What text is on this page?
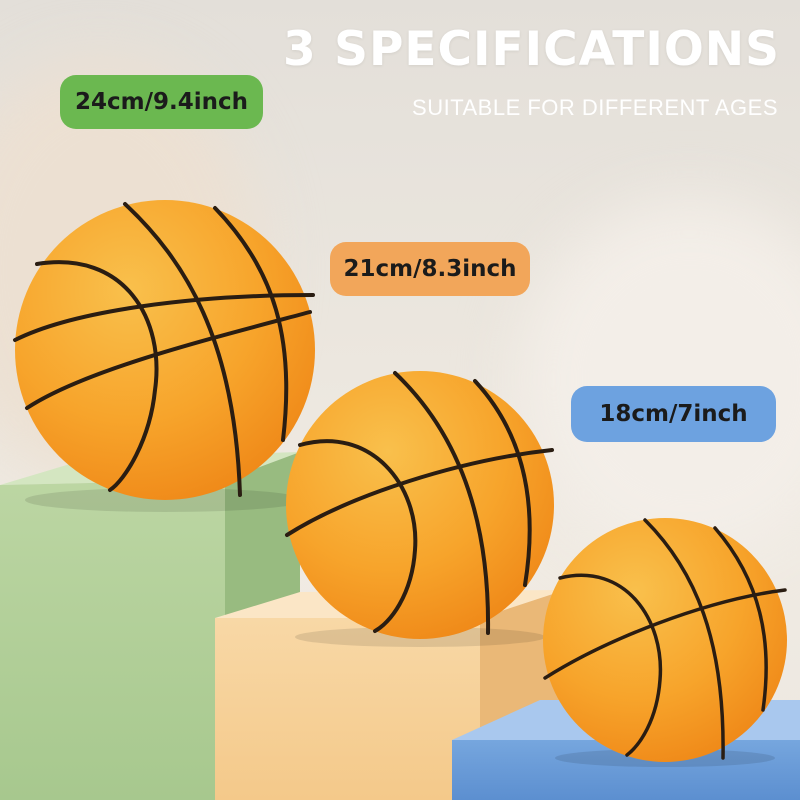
3 SPECIFICATIONS

SUITABLE FOR DIFFERENT AGES

24cm/9.4inch
21cm/8.3inch
18cm/7inch
